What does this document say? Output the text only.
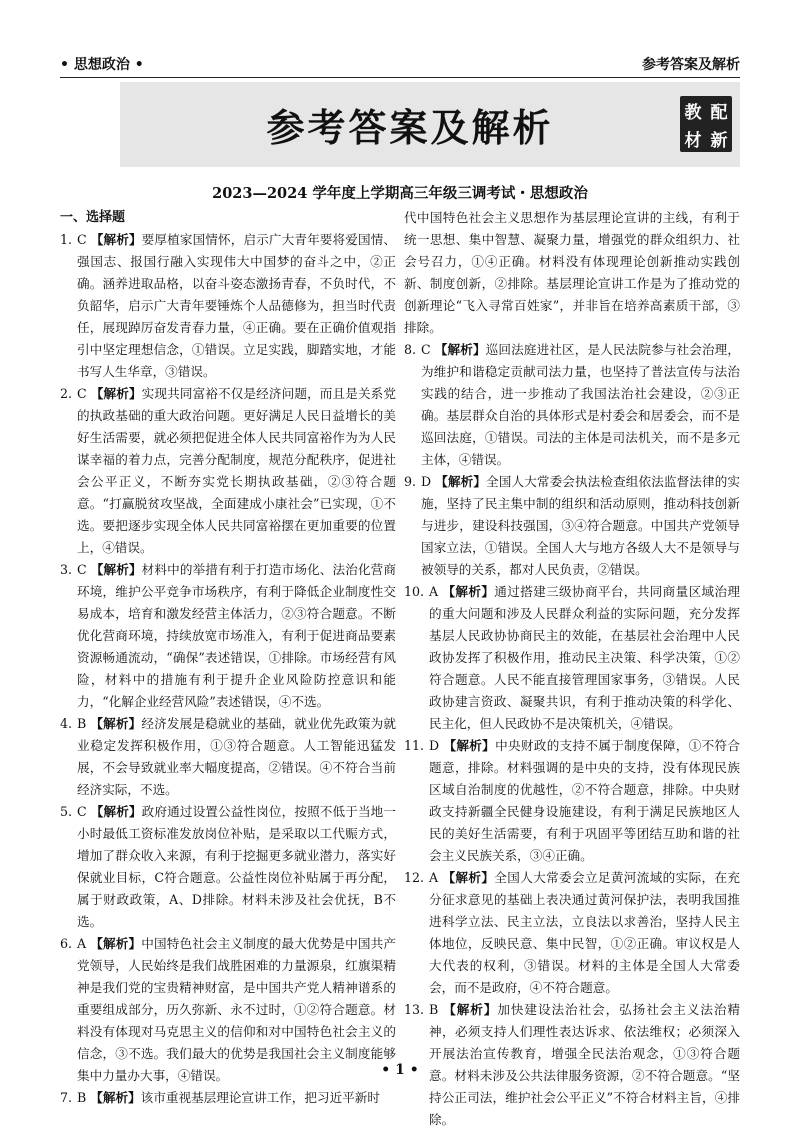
• 思想政治 •	参考答案及解析
参考答案及解析	教 配
材 新
2023—2024 学年度上学期高三年级三调考试・思想政治
一、选择题
1. C 【解析】要厚植家国情怀，启示广大青年要将爱国情、强国志、报国行融入实现伟大中国梦的奋斗之中，②正确。涵养进取品格，以奋斗姿态激扬青春，不负时代，不负韶华，启示广大青年要锤炼个人品德修为，担当时代责任，展现踔厉奋发青春力量，④正确。要在正确价值观指引中坚定理想信念，①错误。立足实践，脚踏实地，才能书写人生华章，③错误。
2. C 【解析】实现共同富裕不仅是经济问题，而且是关系党的执政基础的重大政治问题。更好满足人民日益增长的美好生活需要，就必须把促进全体人民共同富裕作为为人民谋幸福的着力点，完善分配制度，规范分配秩序，促进社会公平正义，不断夯实党长期执政基础，②③符合题意。“打赢脱贫攻坚战，全面建成小康社会”已实现，①不选。要把逐步实现全体人民共同富裕摆在更加重要的位置上，④错误。
3. C 【解析】材料中的举措有利于打造市场化、法治化营商环境，维护公平竞争市场秩序，有利于降低企业制度性交易成本，培育和激发经营主体活力，②③符合题意。不断优化营商环境，持续放宽市场准入，有利于促进商品要素资源畅通流动，“确保”表述错误，①排除。市场经营有风险，材料中的措施有利于提升企业风险防控意识和能力，“化解企业经营风险”表述错误，④不选。
4. B 【解析】经济发展是稳就业的基础，就业优先政策为就业稳定发挥积极作用，①③符合题意。人工智能迅猛发展，不会导致就业率大幅度提高，②错误。④不符合当前经济实际，不选。
5. C 【解析】政府通过设置公益性岗位，按照不低于当地一小时最低工资标准发放岗位补贴，是采取以工代赈方式，增加了群众收入来源，有利于挖掘更多就业潜力，落实好保就业目标，C符合题意。公益性岗位补贴属于再分配，属于财政政策，A、D排除。材料未涉及社会优抚，B不选。
6. A 【解析】中国特色社会主义制度的最大优势是中国共产党领导，人民始终是我们战胜困难的力量源泉，红旗渠精神是我们党的宝贵精神财富，是中国共产党人精神谱系的重要组成部分，历久弥新、永不过时，①②符合题意。材料没有体现对马克思主义的信仰和对中国特色社会主义的信念，③不选。我们最大的优势是我国社会主义制度能够集中力量办大事，④错误。
7. B 【解析】该市重视基层理论宣讲工作，把习近平新时
代中国特色社会主义思想作为基层理论宣讲的主线，有利于统一思想、集中智慧、凝聚力量，增强党的群众组织力、社会号召力，①④正确。材料没有体现理论创新推动实践创新、制度创新，②排除。基层理论宣讲工作是为了推动党的创新理论“飞入寻常百姓家”，并非旨在培养高素质干部，③排除。
8. C 【解析】巡回法庭进社区，是人民法院参与社会治理，为维护和谐稳定贡献司法力量，也坚持了普法宣传与法治实践的结合，进一步推动了我国法治社会建设，②③正确。基层群众自治的具体形式是村委会和居委会，而不是巡回法庭，①错误。司法的主体是司法机关，而不是多元主体，④错误。
9. D 【解析】全国人大常委会执法检查组依法监督法律的实施，坚持了民主集中制的组织和活动原则，推动科技创新与进步，建设科技强国，③④符合题意。中国共产党领导国家立法，①错误。全国人大与地方各级人大不是领导与被领导的关系，都对人民负责，②错误。
10. A 【解析】通过搭建三级协商平台，共同商量区域治理的重大问题和涉及人民群众利益的实际问题，充分发挥基层人民政协协商民主的效能，在基层社会治理中人民政协发挥了积极作用，推动民主决策、科学决策，①②符合题意。人民不能直接管理国家事务，③错误。人民政协建言资政、凝聚共识，有利于推动决策的科学化、民主化，但人民政协不是决策机关，④错误。
11. D 【解析】中央财政的支持不属于制度保障，①不符合题意，排除。材料强调的是中央的支持，没有体现民族区域自治制度的优越性，②不符合题意，排除。中央财政支持新疆全民健身设施建设，有利于满足民族地区人民的美好生活需要，有利于巩固平等团结互助和谐的社会主义民族关系，③④正确。
12. A 【解析】全国人大常委会立足黄河流域的实际，在充分征求意见的基础上表决通过黄河保护法，表明我国推进科学立法、民主立法，立良法以求善治，坚持人民主体地位，反映民意、集中民智，①②正确。审议权是人大代表的权利，③错误。材料的主体是全国人大常委会，而不是政府，④不符合题意。
13. B 【解析】加快建设法治社会，弘扬社会主义法治精神，必须支持人们理性表达诉求、依法维权；必须深入开展法治宣传教育，增强全民法治观念，①③符合题意。材料未涉及公共法律服务资源，②不符合题意。“坚持公正司法，维护社会公平正义”不符合材料主旨，④排除。
• 1 •
